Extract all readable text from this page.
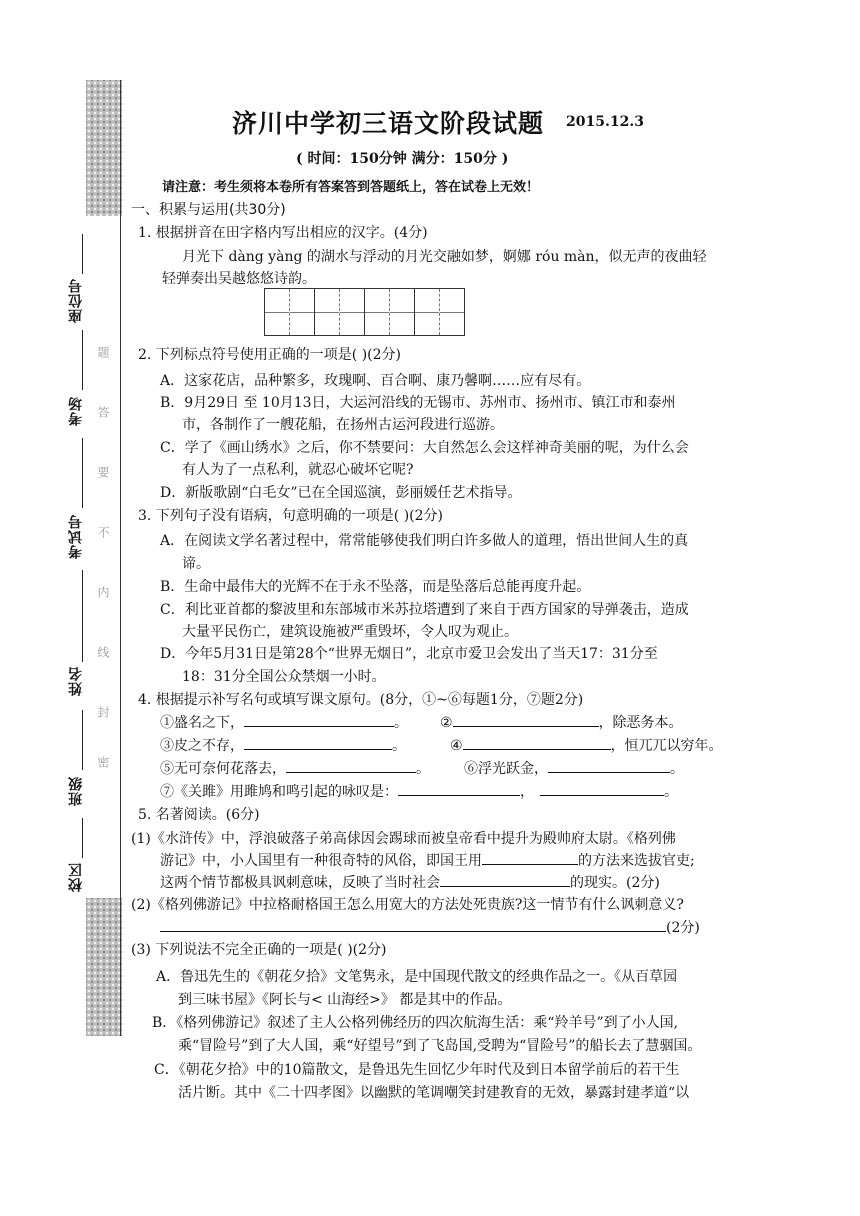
座位号
考场
考试号
姓名
班级
校区
题
答
要
不
内
线
封
密
济川中学初三语文阶段试题 2015.12.3
( 时间：150分钟 满分：150分 )
请注意：考生须将本卷所有答案答到答题纸上，答在试卷上无效！
一、积累与运用(共30分)
1. 根据拼音在田字格内写出相应的汉字。(4分)
月光下 dàng yàng 的湖水与浮动的月光交融如梦，婀娜 róu màn，似无声的夜曲轻
轻弹奏出吴越悠悠诗韵。
2. 下列标点符号使用正确的一项是( )(2分)
A．这家花店，品种繁多，玫瑰啊、百合啊、康乃馨啊……应有尽有。
B．9月29日 至 10月13日，大运河沿线的无锡市、苏州市、扬州市、镇江市和泰州
市，各制作了一艘花船，在扬州古运河段进行巡游。
C．学了《画山绣水》之后，你不禁要问：大自然怎么会这样神奇美丽的呢，为什么会
有人为了一点私利，就忍心破坏它呢?
D．新版歌剧“白毛女”已在全国巡演，彭丽媛任艺术指导。
3. 下列句子没有语病，句意明确的一项是( )(2分)
A．在阅读文学名著过程中，常常能够使我们明白许多做人的道理，悟出世间人生的真
谛。
B．生命中最伟大的光辉不在于永不坠落，而是坠落后总能再度升起。
C．利比亚首都的黎波里和东部城市米苏拉塔遭到了来自于西方国家的导弹袭击，造成
大量平民伤亡，建筑设施被严重毁坏，令人叹为观止。
D．今年5月31日是第28个“世界无烟日”，北京市爱卫会发出了当天17：31分至
18：31分全国公众禁烟一小时。
4. 根据提示补写名句或填写课文原句。(8分，①~⑥每题1分，⑦题2分)
①盛名之下，	。 ②	，除恶务本。
③皮之不存，	。	④	，恒兀兀以穷年。
⑤无可奈何花落去，	。 ⑥浮光跃金，	。
⑦《关雎》用雎鸠和鸣引起的咏叹是：	，	。
5. 名著阅读。(6分)
(1)《水浒传》中，浮浪破落子弟高俅因会踢球而被皇帝看中提升为殿帅府太尉。《格列佛
游记》中，小人国里有一种很奇特的风俗，即国王用	的方法来选拔官吏;
这两个情节都极具讽刺意味，反映了当时社会	的现实。(2分)
(2)《格列佛游记》中拉格耐格国王怎么用宽大的方法处死贵族?这一情节有什么讽刺意义?
(2分)
(3) 下列说法不完全正确的一项是( )(2分)
A．鲁迅先生的《朝花夕拾》文笔隽永，是中国现代散文的经典作品之一。《从百草园
到三味书屋》《阿长与< 山海经>》 都是其中的作品。
B．《格列佛游记》叙述了主人公格列佛经历的四次航海生活：乘“羚羊号”到了小人国,
乘“冒险号”到了大人国，乘“好望号”到了飞岛国,受聘为“冒险号”的船长去了慧骃国。
C．《朝花夕拾》中的10篇散文，是鲁迅先生回忆少年时代及到日本留学前后的若干生
活片断。其中《二十四孝图》以幽默的笔调嘲笑封建教育的无效，暴露封建孝道“以
